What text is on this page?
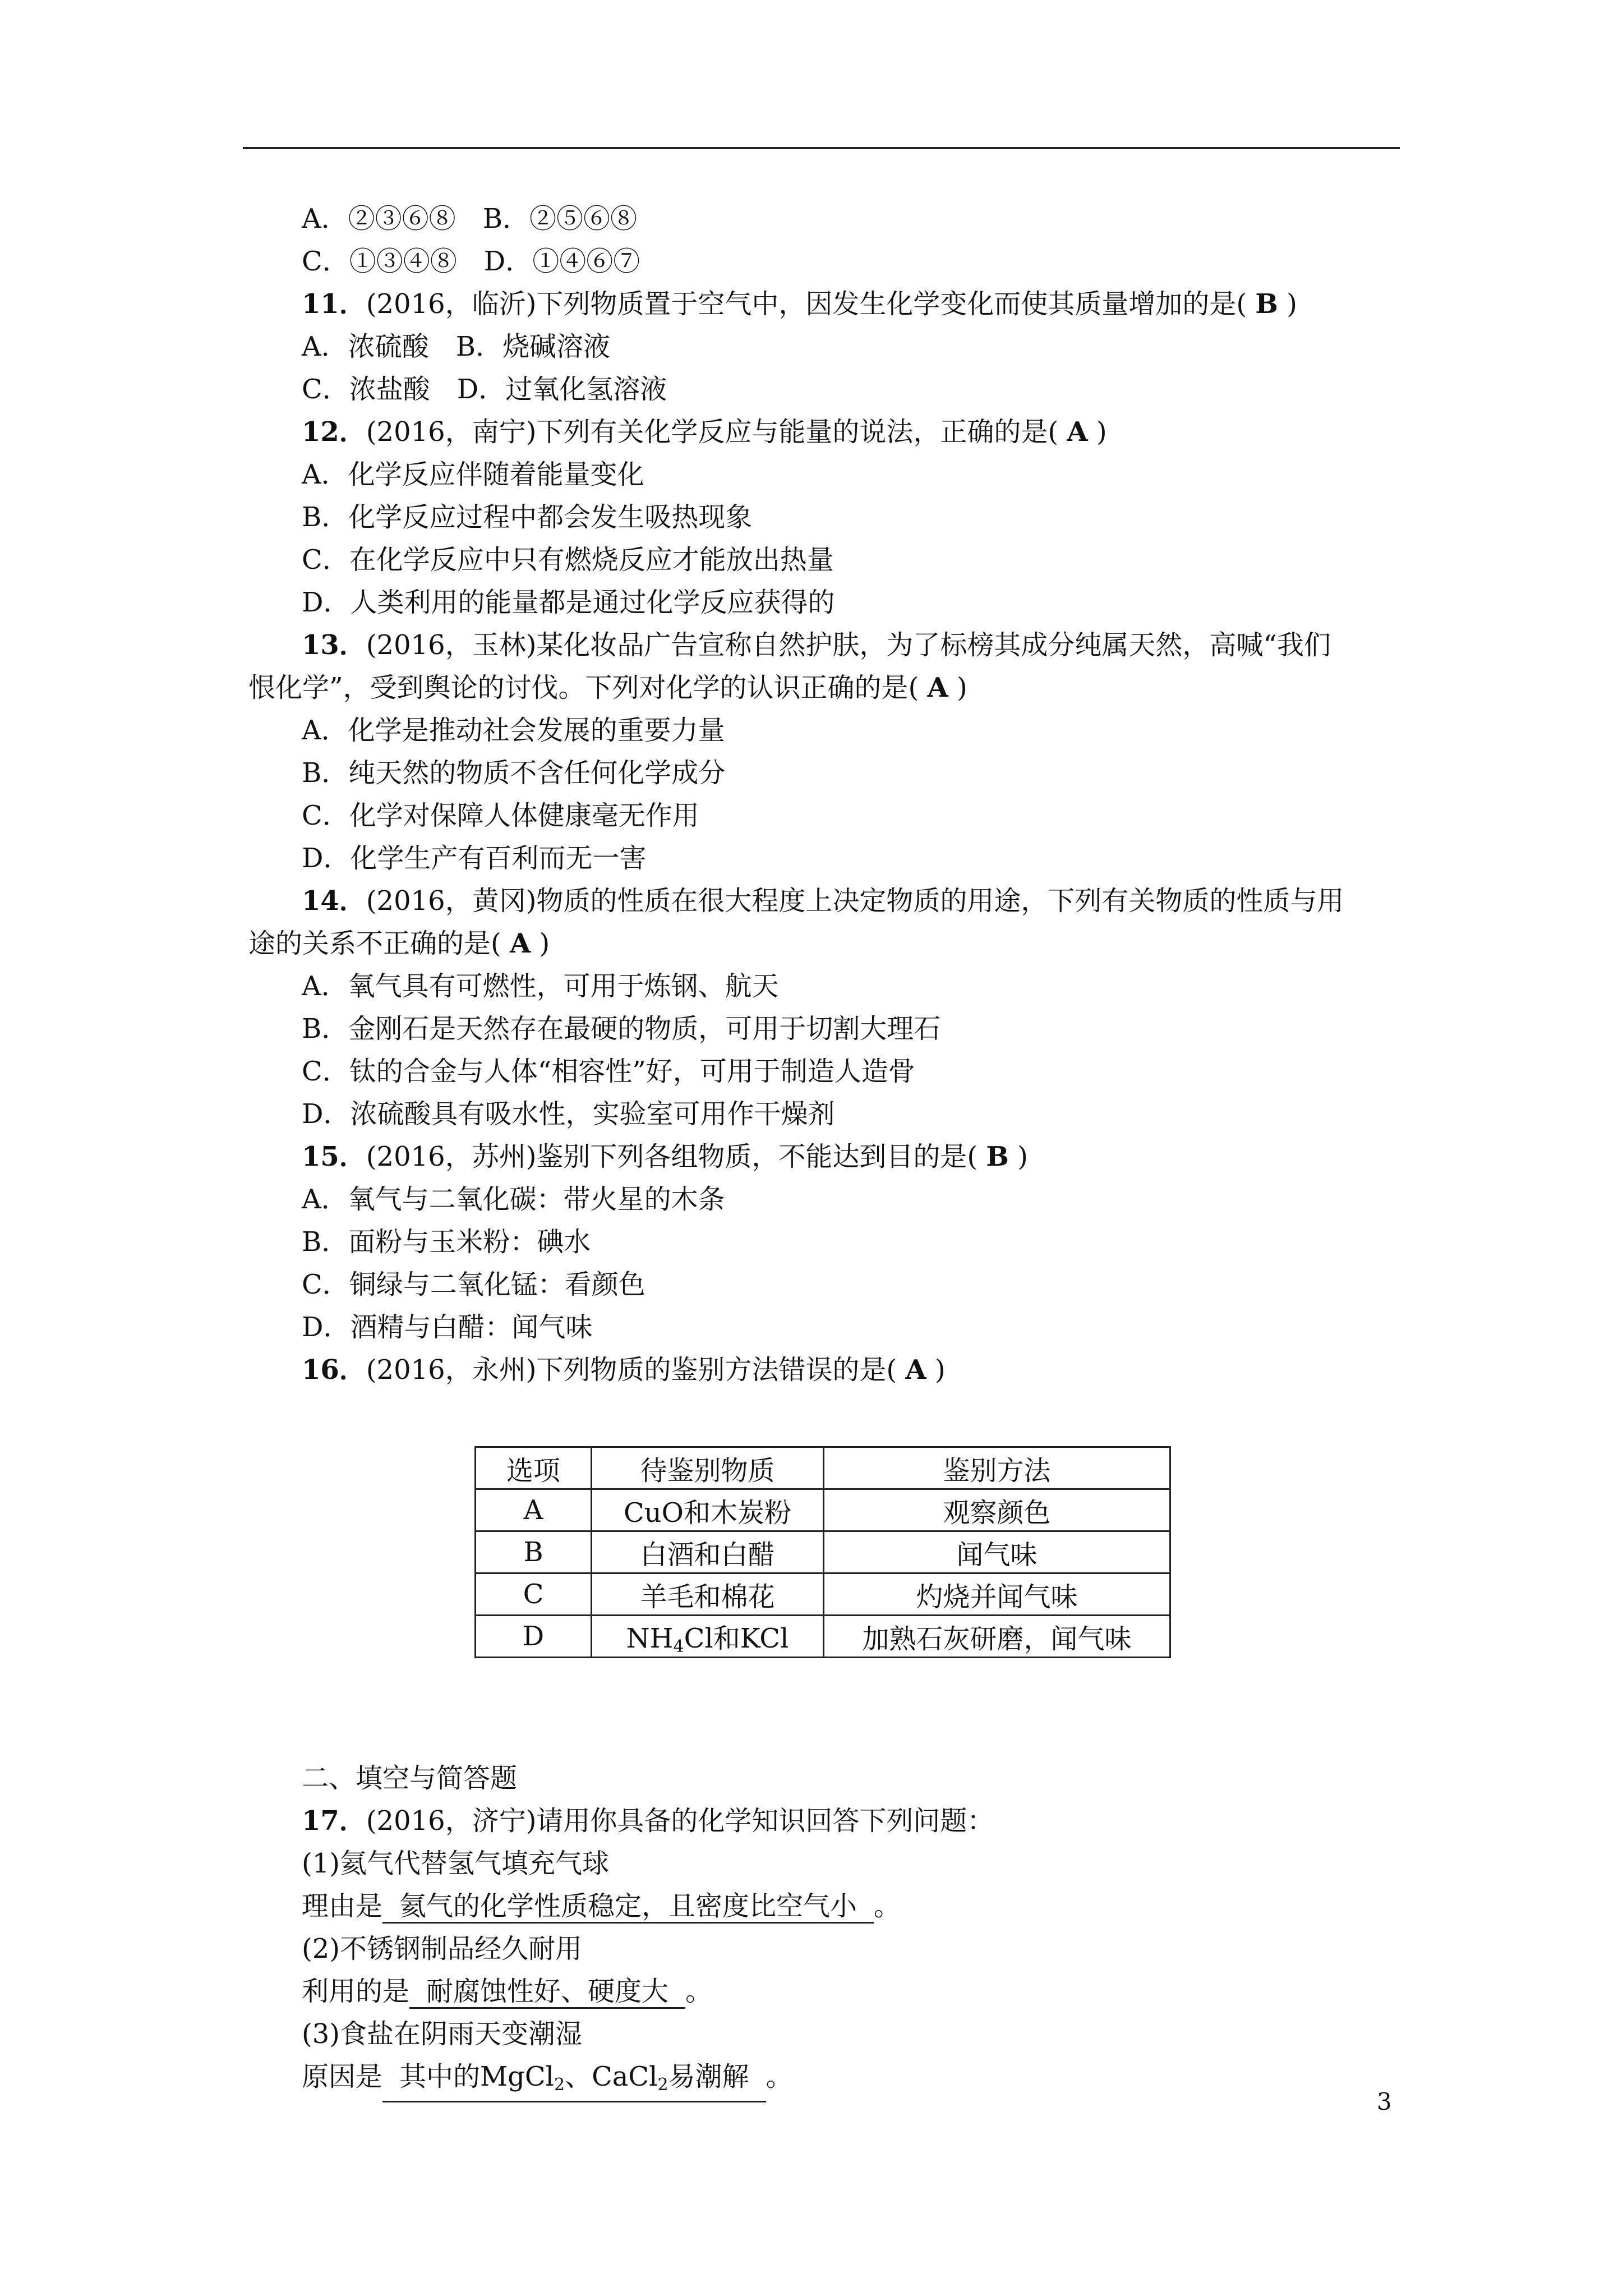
A．②③⑥⑧　 B．②⑤⑥⑧
C．①③④⑧　 D．①④⑥⑦
11．(2016，临沂)下列物质置于空气中，因发生化学变化而使其质量增加的是( B )
A．浓硫酸　 B．烧碱溶液
C．浓盐酸　 D．过氧化氢溶液
12．(2016，南宁)下列有关化学反应与能量的说法，正确的是( A )
A．化学反应伴随着能量变化
B．化学反应过程中都会发生吸热现象
C．在化学反应中只有燃烧反应才能放出热量
D．人类利用的能量都是通过化学反应获得的
13．(2016，玉林)某化妆品广告宣称自然护肤，为了标榜其成分纯属天然，高喊“我们
恨化学”，受到舆论的讨伐。下列对化学的认识正确的是( A )
A．化学是推动社会发展的重要力量
B．纯天然的物质不含任何化学成分
C．化学对保障人体健康毫无作用
D．化学生产有百利而无一害
14．(2016，黄冈)物质的性质在很大程度上决定物质的用途，下列有关物质的性质与用
途的关系不正确的是( A )
A．氧气具有可燃性，可用于炼钢、航天
B．金刚石是天然存在最硬的物质，可用于切割大理石
C．钛的合金与人体“相容性”好，可用于制造人造骨
D．浓硫酸具有吸水性，实验室可用作干燥剂
15．(2016，苏州)鉴别下列各组物质，不能达到目的是( B )
A．氧气与二氧化碳：带火星的木条
B．面粉与玉米粉：碘水
C．铜绿与二氧化锰：看颜色
D．酒精与白醋：闻气味
16．(2016，永州)下列物质的鉴别方法错误的是( A )
选项	待鉴别物质	鉴别方法
A	CuO和木炭粉	观察颜色
B	白酒和白醋	闻气味
C	羊毛和棉花	灼烧并闻气味
D	$NH_4Cl$和KCl	加熟石灰研磨，闻气味
二、填空与简答题
17．(2016，济宁)请用你具备的化学知识回答下列问题：
(1)氦气代替氢气填充气球
理由是 氦气的化学性质稳定，且密度比空气小 。
(2)不锈钢制品经久耐用
利用的是 耐腐蚀性好、硬度大 。
(3)食盐在阴雨天变潮湿
原因是 其中的MgCl$_2$、CaCl$_2$易潮解 。
3
